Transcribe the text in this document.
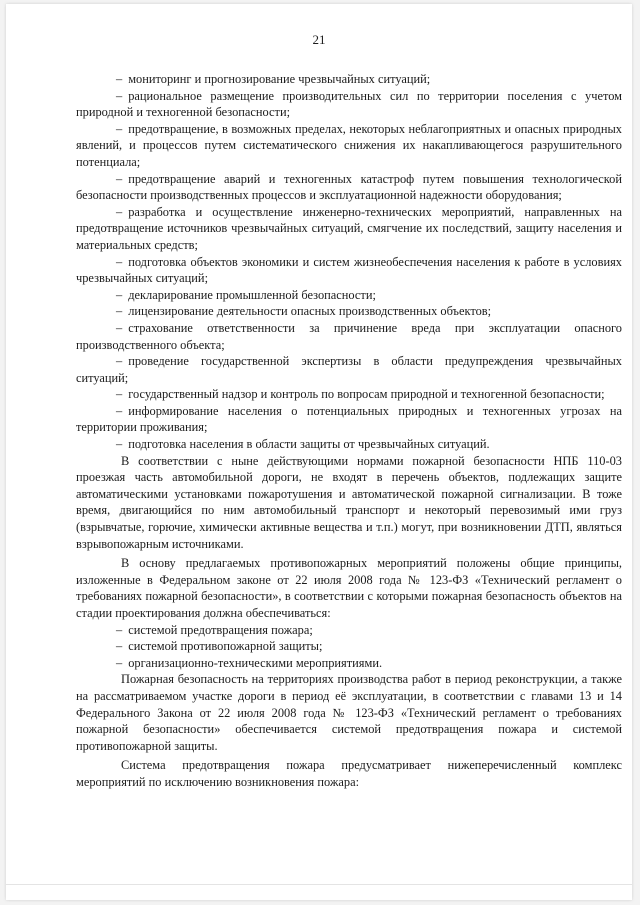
21

– мониторинг и прогнозирование чрезвычайных ситуаций;

– рациональное размещение производительных сил по территории поселения с учетом природной и техногенной безопасности;

– предотвращение, в возможных пределах, некоторых неблагоприятных и опасных природных явлений, и процессов путем систематического снижения их накапливающегося разрушительного потенциала;

– предотвращение аварий и техногенных катастроф путем повышения технологической безопасности производственных процессов и эксплуатационной надежности оборудования;

– разработка и осуществление инженерно-технических мероприятий, направленных на предотвращение источников чрезвычайных ситуаций, смягчение их последствий, защиту населения и материальных средств;

– подготовка объектов экономики и систем жизнеобеспечения населения к работе в условиях чрезвычайных ситуаций;

– декларирование промышленной безопасности;

– лицензирование деятельности опасных производственных объектов;

– страхование ответственности за причинение вреда при эксплуатации опасного производственного объекта;

– проведение государственной экспертизы в области предупреждения чрезвычайных ситуаций;

– государственный надзор и контроль по вопросам природной и техногенной безопасности;

– информирование населения о потенциальных природных и техногенных угрозах на территории проживания;

– подготовка населения в области защиты от чрезвычайных ситуаций.

В соответствии с ныне действующими нормами пожарной безопасности НПБ 110-03 проезжая часть автомобильной дороги, не входят в перечень объектов, подлежащих защите автоматическими установками пожаротушения и автоматической пожарной сигнализации. В тоже время, двигающийся по ним автомобильный транспорт и некоторый перевозимый ими груз (взрывчатые, горючие, химически активные вещества и т.п.) могут, при возникновении ДТП, являться взрывопожарным источниками.

В основу предлагаемых противопожарных мероприятий положены общие принципы, изложенные в Федеральном законе от 22 июля 2008 года № 123-ФЗ «Технический регламент о требованиях пожарной безопасности», в соответствии с которыми пожарная безопасность объектов на стадии проектирования должна обеспечиваться:

– системой предотвращения пожара;

– системой противопожарной защиты;

– организационно-техническими мероприятиями.

Пожарная безопасность на территориях производства работ в период реконструкции, а также на рассматриваемом участке дороги в период её эксплуатации, в соответствии с главами 13 и 14 Федерального Закона от 22 июля 2008 года № 123-ФЗ «Технический регламент о требованиях пожарной безопасности» обеспечивается системой предотвращения пожара и системой противопожарной защиты.

Система предотвращения пожара предусматривает нижеперечисленный комплекс мероприятий по исключению возникновения пожара:
